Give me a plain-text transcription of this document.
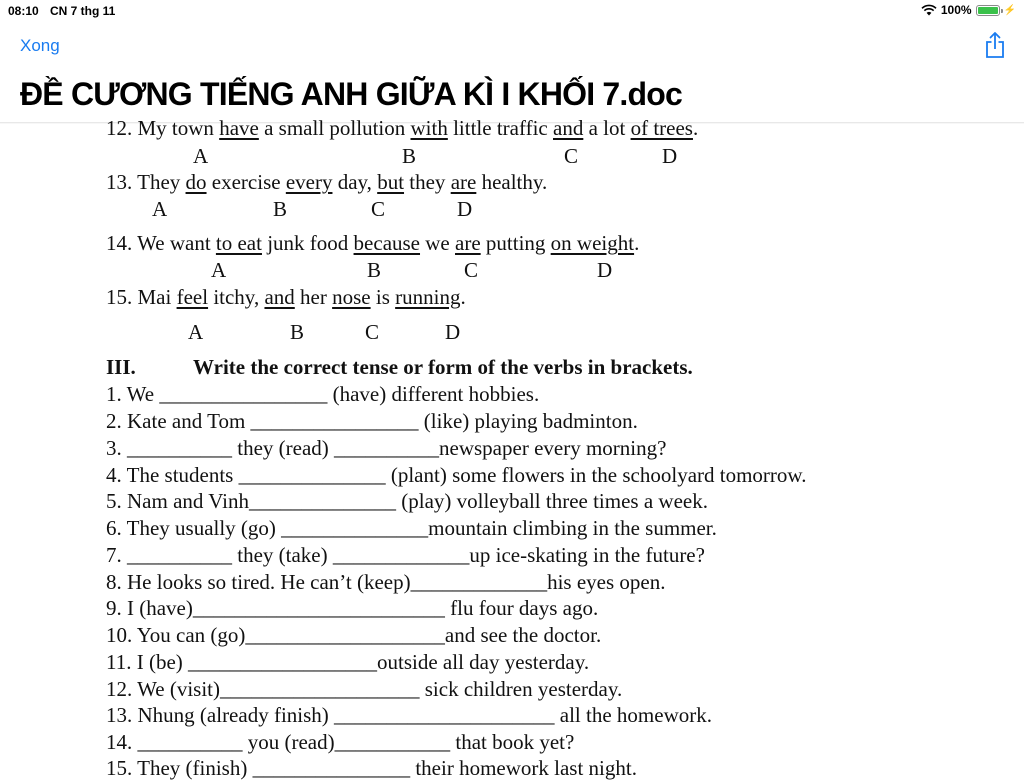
08:10 CN 7 thg 11	100%	⚡
Xong
ĐỀ CƯƠNG TIẾNG ANH GIỮA KÌ I KHỐI 7.doc
12. My town have a small pollution with little traffic and a lot of trees.
A	B	C	D
13. They do exercise every day, but they are healthy.
A	B	C	D
14. We want to eat junk food because we are putting on weight.
A	B	C	D
15. Mai feel itchy, and her nose is running.
A	B	C	D
III.	Write the correct tense or form of the verbs in brackets.
1. We ________________ (have) different hobbies.
2. Kate and Tom ________________ (like) playing badminton.
3. __________ they (read) __________newspaper every morning?
4. The students ______________ (plant) some flowers in the schoolyard tomorrow.
5. Nam and Vinh______________ (play) volleyball three times a week.
6. They usually (go) ______________mountain climbing in the summer.
7. __________ they (take) _____________up ice-skating in the future?
8. He looks so tired. He can’t (keep)_____________his eyes open.
9. I (have)________________________ flu four days ago.
10. You can (go)___________________and see the doctor.
11. I (be) __________________outside all day yesterday.
12. We (visit)___________________ sick children yesterday.
13. Nhung (already finish) _____________________ all the homework.
14. __________ you (read)___________ that book yet?
15. They (finish) _______________ their homework last night.
